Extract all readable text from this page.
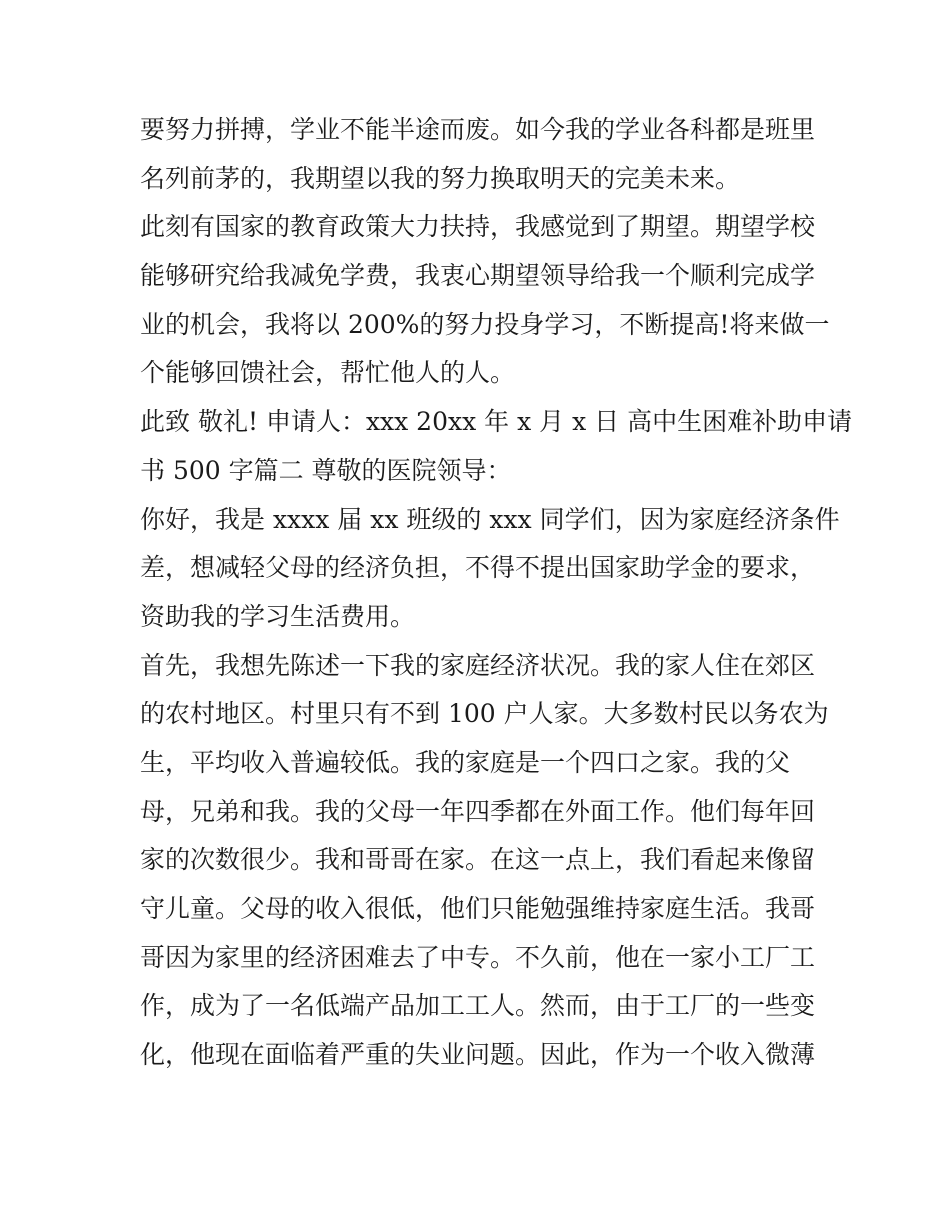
要努力拼搏，学业不能半途而废。如今我的学业各科都是班里
名列前茅的，我期望以我的努力换取明天的完美未来。

此刻有国家的教育政策大力扶持，我感觉到了期望。期望学校
能够研究给我减免学费，我衷心期望领导给我一个顺利完成学
业的机会，我将以 200%的努力投身学习，不断提高!将来做一
个能够回馈社会，帮忙他人的人。

此致 敬礼! 申请人：xxx 20xx 年 x 月 x 日 高中生困难补助申请
书 500 字篇二 尊敬的医院领导：

你好，我是 xxxx 届 xx 班级的 xxx 同学们，因为家庭经济条件
差，想减轻父母的经济负担，不得不提出国家助学金的要求，
资助我的学习生活费用。

首先，我想先陈述一下我的家庭经济状况。我的家人住在郊区
的农村地区。村里只有不到 100 户人家。大多数村民以务农为
生，平均收入普遍较低。我的家庭是一个四口之家。我的父
母，兄弟和我。我的父母一年四季都在外面工作。他们每年回
家的次数很少。我和哥哥在家。在这一点上，我们看起来像留
守儿童。父母的收入很低，他们只能勉强维持家庭生活。我哥
哥因为家里的经济困难去了中专。不久前，他在一家小工厂工
作，成为了一名低端产品加工工人。然而，由于工厂的一些变
化，他现在面临着严重的失业问题。因此，作为一个收入微薄
